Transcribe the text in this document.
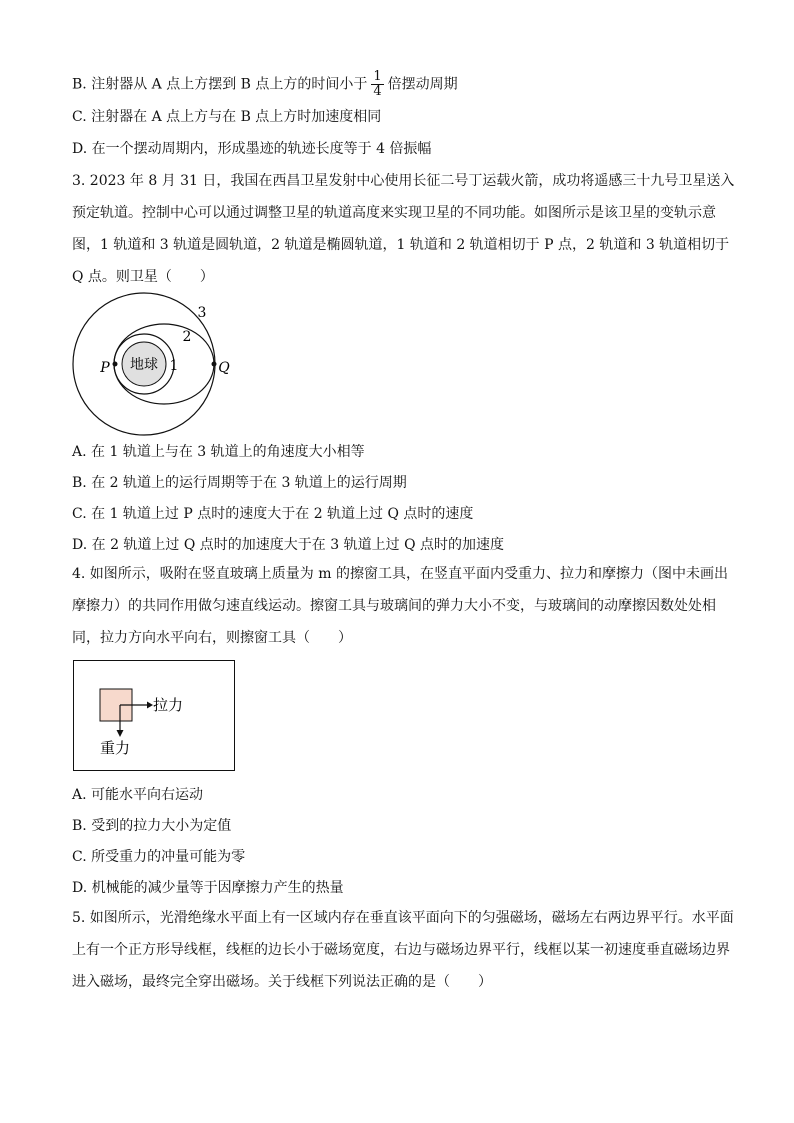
B. 注射器从 A 点上方摆到 B 点上方的时间小于 $\frac{1}{4}$ 倍摆动周期
C. 注射器在 A 点上方与在 B 点上方时加速度相同
D. 在一个摆动周期内，形成墨迹的轨迹长度等于 4 倍振幅
3. 2023 年 8 月 31 日，我国在西昌卫星发射中心使用长征二号丁运载火箭，成功将遥感三十九号卫星送入预定轨道。控制中心可以通过调整卫星的轨道高度来实现卫星的不同功能。如图所示是该卫星的变轨示意图，1 轨道和 3 轨道是圆轨道，2 轨道是椭圆轨道，1 轨道和 2 轨道相切于 P 点，2 轨道和 3 轨道相切于 Q 点。则卫星（　　）
地球
P	Q
1
2
3
A. 在 1 轨道上与在 3 轨道上的角速度大小相等
B. 在 2 轨道上的运行周期等于在 3 轨道上的运行周期
C. 在 1 轨道上过 P 点时的速度大于在 2 轨道上过 Q 点时的速度
D. 在 2 轨道上过 Q 点时的加速度大于在 3 轨道上过 Q 点时的加速度
4. 如图所示，吸附在竖直玻璃上质量为 m 的擦窗工具，在竖直平面内受重力、拉力和摩擦力（图中未画出摩擦力）的共同作用做匀速直线运动。擦窗工具与玻璃间的弹力大小不变，与玻璃间的动摩擦因数处处相同，拉力方向水平向右，则擦窗工具（　　）
拉力
重力
A. 可能水平向右运动
B. 受到的拉力大小为定值
C. 所受重力的冲量可能为零
D. 机械能的减少量等于因摩擦力产生的热量
5. 如图所示，光滑绝缘水平面上有一区域内存在垂直该平面向下的匀强磁场，磁场左右两边界平行。水平面上有一个正方形导线框，线框的边长小于磁场宽度，右边与磁场边界平行，线框以某一初速度垂直磁场边界进入磁场，最终完全穿出磁场。关于线框下列说法正确的是（　　）
